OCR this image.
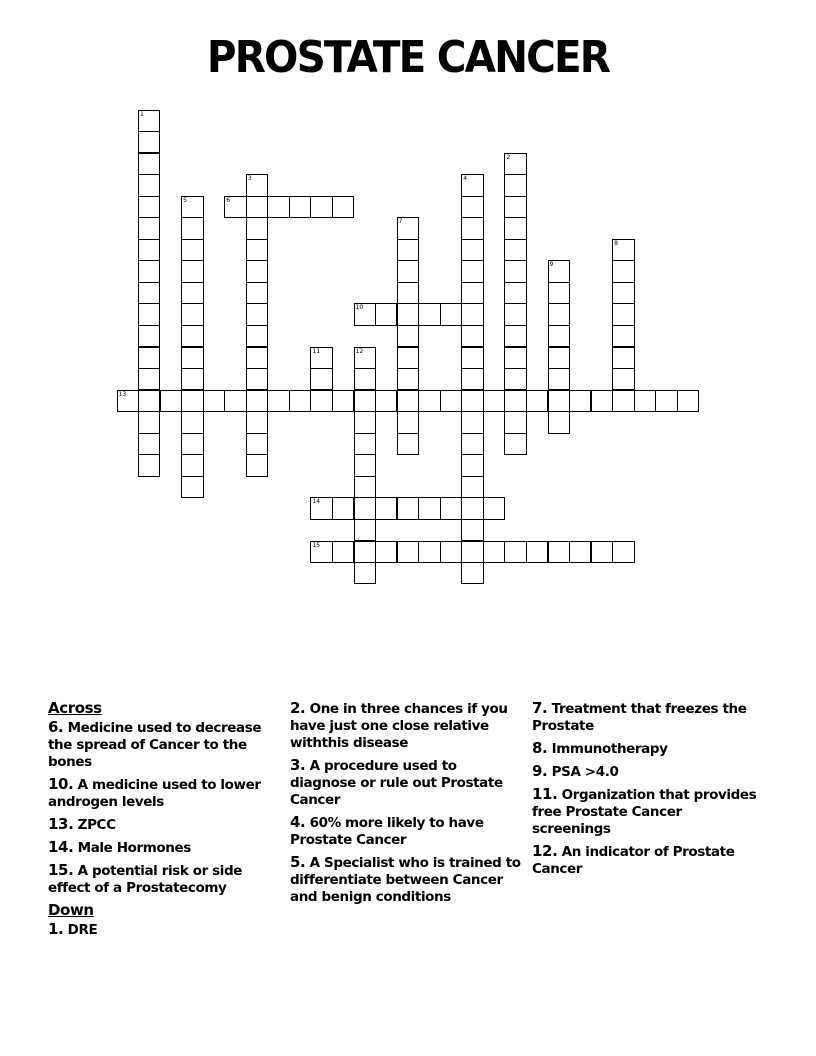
PROSTATE CANCER
1
2
3	4
5	6
7
8
9
10
11	12
13
14
15
Across
6. Medicine used to decrease the spread of Cancer to the bones
10. A medicine used to lower androgen levels
13. ZPCC
14. Male Hormones
15. A potential risk or side effect of a Prostatecomy
Down
1. DRE
2. One in three chances if you have just one close relative withthis disease
3. A procedure used to diagnose or rule out Prostate Cancer
4. 60% more likely to have Prostate Cancer
5. A Specialist who is trained to differentiate between Cancer and benign conditions
7. Treatment that freezes the Prostate
8. Immunotherapy
9. PSA >4.0
11. Organization that provides free Prostate Cancer screenings
12. An indicator of Prostate Cancer
